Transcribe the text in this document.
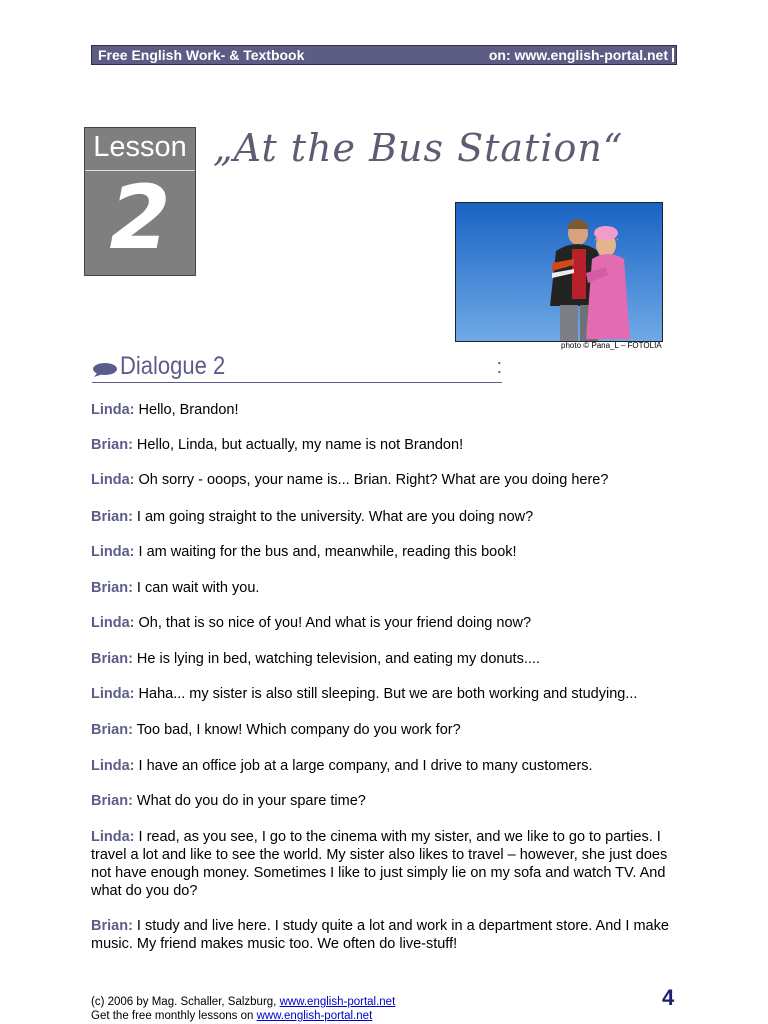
Free English Work- & Textbook	on: www.english-portal.net
Lesson
2
„At the Bus Station“
photo © Pana_L – FOTOLIA
Dialogue 2	:
Linda: Hello, Brandon!
Brian: Hello, Linda, but actually, my name is not Brandon!
Linda: Oh sorry - ooops, your name is... Brian. Right? What are you doing here?
Brian: I am going straight to the university. What are you doing now?
Linda: I am waiting for the bus and, meanwhile, reading this book!
Brian: I can wait with you.
Linda: Oh, that is so nice of you! And what is your friend doing now?
Brian: He is lying in bed, watching television, and eating my donuts....
Linda: Haha... my sister is also still sleeping. But we are both working and studying...
Brian: Too bad, I know! Which company do you work for?
Linda: I have an office job at a large company, and I drive to many customers.
Brian: What do you do in your spare time?
Linda: I read, as you see, I go to the cinema with my sister, and we like to go to parties. I travel a lot and like to see the world. My sister also likes to travel – however, she just does not have enough money. Sometimes I like to just simply lie on my sofa and watch TV. And what do you do?
Brian: I study and live here. I study quite a lot and work in a department store. And I make music. My friend makes music too. We often do live-stuff!
(c) 2006 by Mag. Schaller, Salzburg, www.english-portal.net
Get the free monthly lessons on www.english-portal.net
4
